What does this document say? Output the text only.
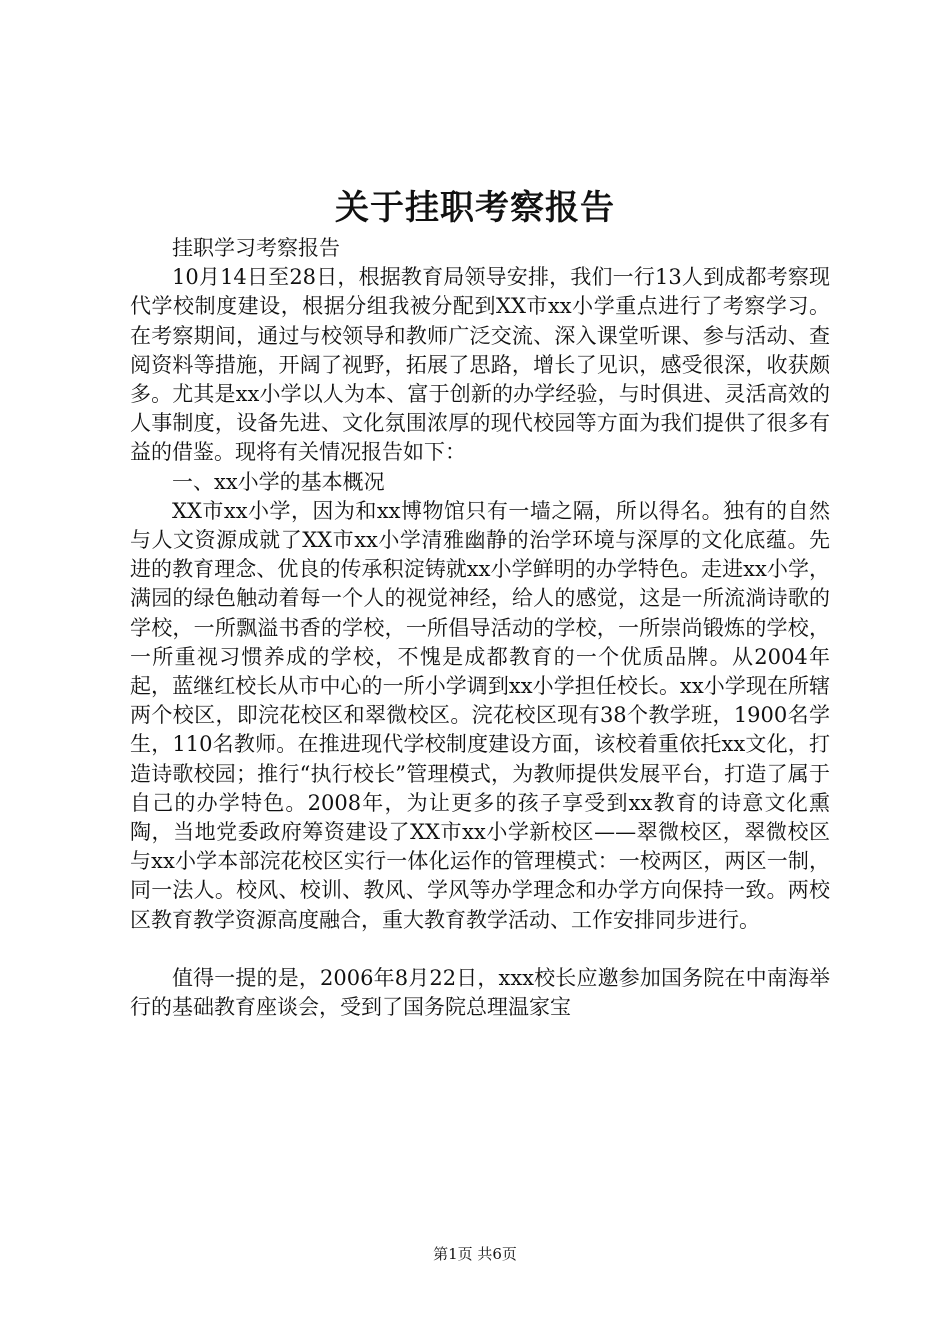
关于挂职考察报告

挂职学习考察报告

10月14日至28日，根据教育局领导安排，我们一行13人到成都考察现代学校制度建设，根据分组我被分配到XX市xx小学重点进行了考察学习。在考察期间，通过与校领导和教师广泛交流、深入课堂听课、参与活动、查阅资料等措施，开阔了视野，拓展了思路，增长了见识，感受很深，收获颇多。尤其是xx小学以人为本、富于创新的办学经验，与时俱进、灵活高效的人事制度，设备先进、文化氛围浓厚的现代校园等方面为我们提供了很多有益的借鉴。现将有关情况报告如下：

一、xx小学的基本概况

XX市xx小学，因为和xx博物馆只有一墙之隔，所以得名。独有的自然与人文资源成就了XX市xx小学清雅幽静的治学环境与深厚的文化底蕴。先进的教育理念、优良的传承积淀铸就xx小学鲜明的办学特色。走进xx小学，满园的绿色触动着每一个人的视觉神经，给人的感觉，这是一所流淌诗歌的学校，一所飘溢书香的学校，一所倡导活动的学校，一所崇尚锻炼的学校，一所重视习惯养成的学校，不愧是成都教育的一个优质品牌。从2004年起，蓝继红校长从市中心的一所小学调到xx小学担任校长。xx小学现在所辖两个校区，即浣花校区和翠微校区。浣花校区现有38个教学班，1900名学生，110名教师。在推进现代学校制度建设方面，该校着重依托xx文化，打造诗歌校园；推行“执行校长”管理模式，为教师提供发展平台，打造了属于自己的办学特色。2008年，为让更多的孩子享受到xx教育的诗意文化熏陶，当地党委政府筹资建设了XX市xx小学新校区——翠微校区，翠微校区与xx小学本部浣花校区实行一体化运作的管理模式：一校两区，两区一制，同一法人。校风、校训、教风、学风等办学理念和办学方向保持一致。两校区教育教学资源高度融合，重大教育教学活动、工作安排同步进行。

值得一提的是，2006年8月22日，xxx校长应邀参加国务院在中南海举行的基础教育座谈会，受到了国务院总理温家宝

第1页 共6页
